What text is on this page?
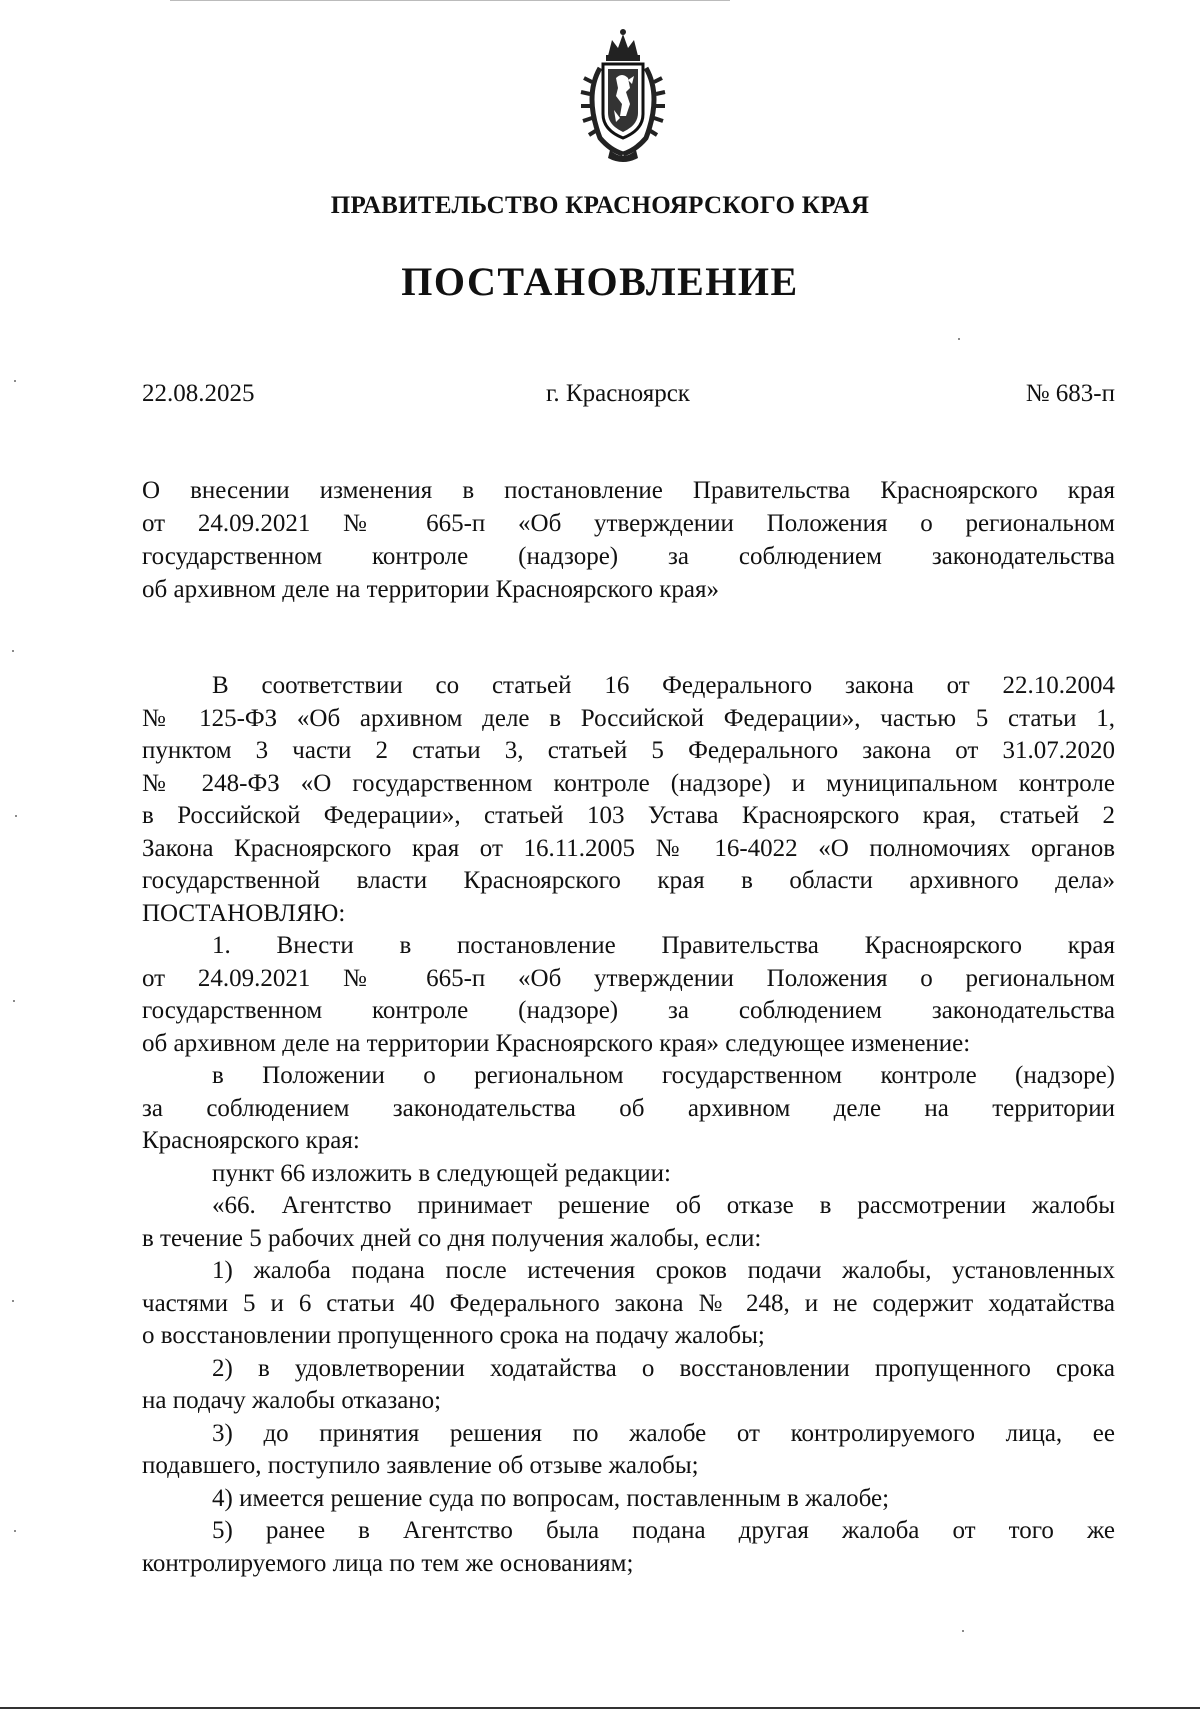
ПРАВИТЕЛЬСТВО КРАСНОЯРСКОГО КРАЯ
ПОСТАНОВЛЕНИЕ
22.08.2025	г. Красноярск	№ 683-п
О внесении изменения в постановление Правительства Красноярского края
от 24.09.2021 № 665-п «Об утверждении Положения о региональном
государственном контроле (надзоре) за соблюдением законодательства
об архивном деле на территории Красноярского края»
В соответствии со статьей 16 Федерального закона от 22.10.2004
№ 125-ФЗ «Об архивном деле в Российской Федерации», частью 5 статьи 1,
пунктом 3 части 2 статьи 3, статьей 5 Федерального закона от 31.07.2020
№ 248-ФЗ «О государственном контроле (надзоре) и муниципальном контроле
в Российской Федерации», статьей 103 Устава Красноярского края, статьей 2
Закона Красноярского края от 16.11.2005 № 16-4022 «О полномочиях органов
государственной власти Красноярского края в области архивного дела»
ПОСТАНОВЛЯЮ:
1. Внести в постановление Правительства Красноярского края
от 24.09.2021 № 665-п «Об утверждении Положения о региональном
государственном контроле (надзоре) за соблюдением законодательства
об архивном деле на территории Красноярского края» следующее изменение:
в Положении о региональном государственном контроле (надзоре)
за соблюдением законодательства об архивном деле на территории
Красноярского края:
пункт 66 изложить в следующей редакции:
«66. Агентство принимает решение об отказе в рассмотрении жалобы
в течение 5 рабочих дней со дня получения жалобы, если:
1) жалоба подана после истечения сроков подачи жалобы, установленных
частями 5 и 6 статьи 40 Федерального закона № 248, и не содержит ходатайства
о восстановлении пропущенного срока на подачу жалобы;
2) в удовлетворении ходатайства о восстановлении пропущенного срока
на подачу жалобы отказано;
3) до принятия решения по жалобе от контролируемого лица, ее
подавшего, поступило заявление об отзыве жалобы;
4) имеется решение суда по вопросам, поставленным в жалобе;
5) ранее в Агентство была подана другая жалоба от того же
контролируемого лица по тем же основаниям;
